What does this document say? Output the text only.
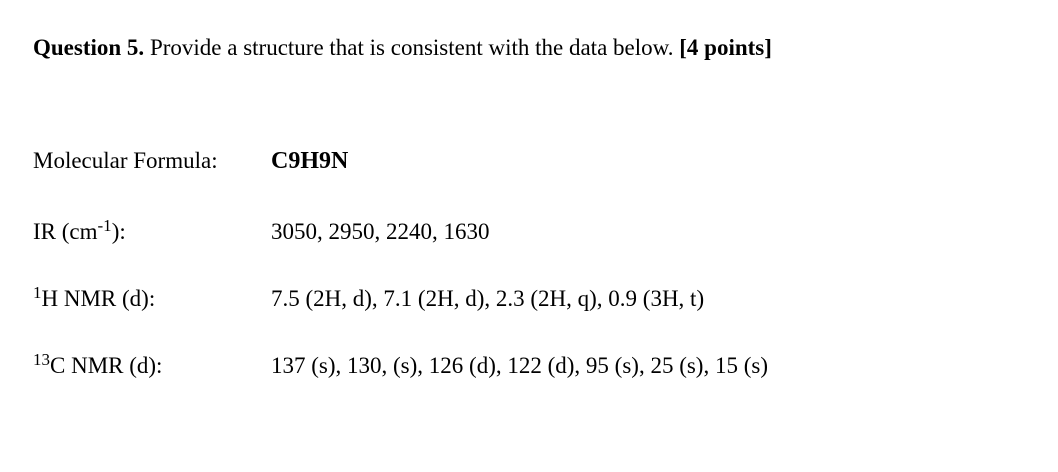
Question 5. Provide a structure that is consistent with the data below. [4 points]
Molecular Formula: C9H9N
IR $(cm^{-1})$:	3050, 2950, 2240, 1630
$^1$H NMR (d):	7.5 (2H, d), 7.1 (2H, d), 2.3 (2H, q), 0.9 (3H, t)
$^{13}$C NMR (d):	137 (s), 130, (s), 126 (d), 122 (d), 95 (s), 25 (s), 15 (s)
